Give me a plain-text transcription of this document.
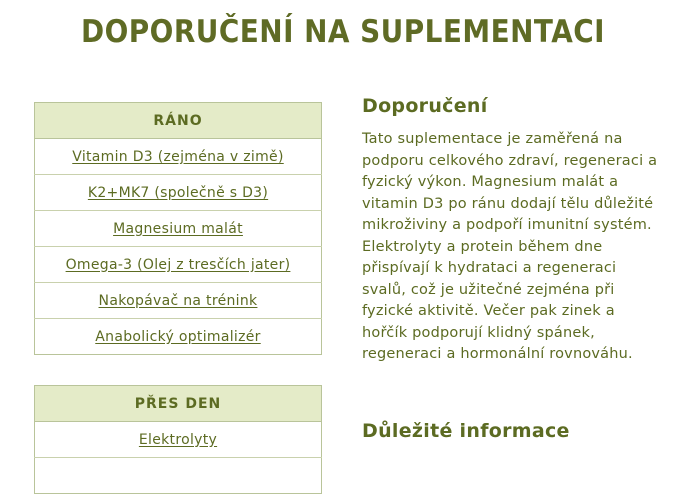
DOPORUČENÍ NA SUPLEMENTACI
RÁNO
Vitamin D3 (zejména v zimě)
K2+MK7 (společně s D3)
Magnesium malát
Omega-3 (Olej z tresčích jater)
Nakopávač na trénink
Anabolický optimalizér
PŘES DEN
Elektrolyty

Doporučení

Tato suplementace je zaměřená na podporu celkového zdraví, regeneraci a fyzický výkon. Magnesium malát a vitamin D3 po ránu dodají tělu důležité mikroživiny a podpoří imunitní systém. Elektrolyty a protein během dne přispívají k hydrataci a regeneraci svalů, což je užitečné zejména při fyzické aktivitě. Večer pak zinek a hořčík podporují klidný spánek, regeneraci a hormonální rovnováhu.

Důležité informace
